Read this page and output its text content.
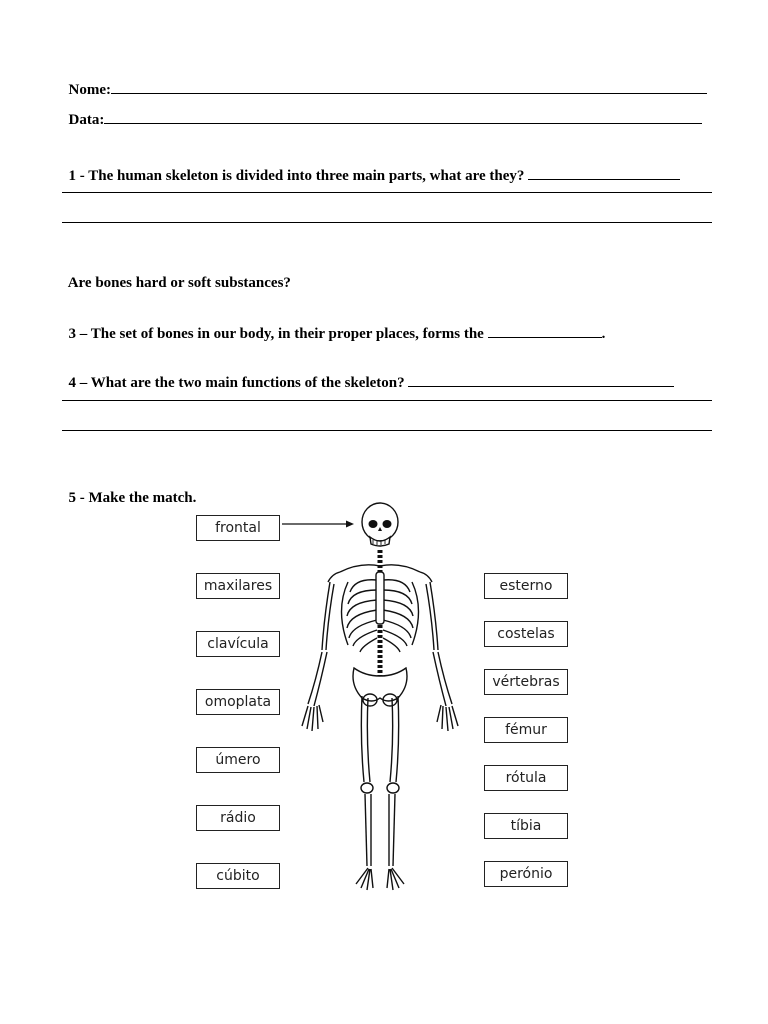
Nome:

Data:

1 - The human skeleton is divided into three main parts, what are they?

Are bones hard or soft substances?

3 – The set of bones in our body, in their proper places, forms the	.

4 – What are the two main functions of the skeleton?

5 - Make the match.

frontal
maxilares
clavícula
omoplata
úmero
rádio
cúbito
esterno
costelas
vértebras
fémur
rótula
tíbia
perónio
